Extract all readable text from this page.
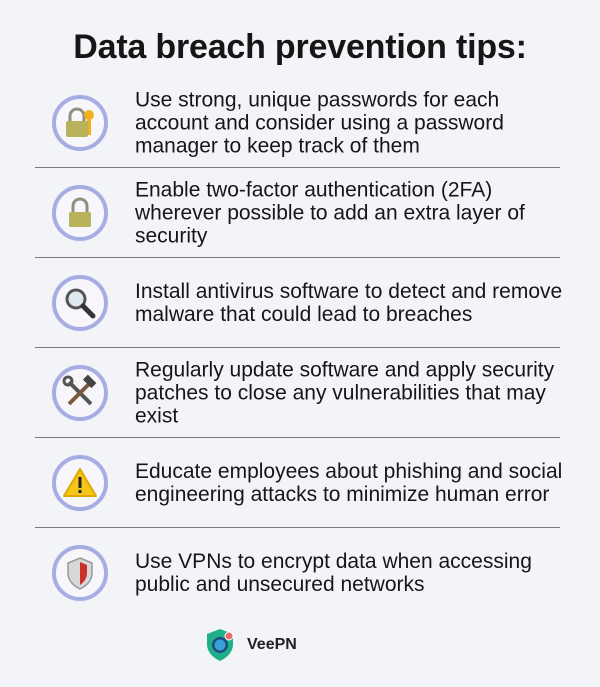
Data breach prevention tips:
Use strong, unique passwords for each account and consider using a password manager to keep track of them
Enable two-factor authentication (2FA) wherever possible to add an extra layer of security
Install antivirus software to detect and remove malware that could lead to breaches
Regularly update software and apply security patches to close any vulnerabilities that may exist
Educate employees about phishing and social engineering attacks to minimize human error
Use VPNs to encrypt data when accessing public and unsecured networks
VeePN
